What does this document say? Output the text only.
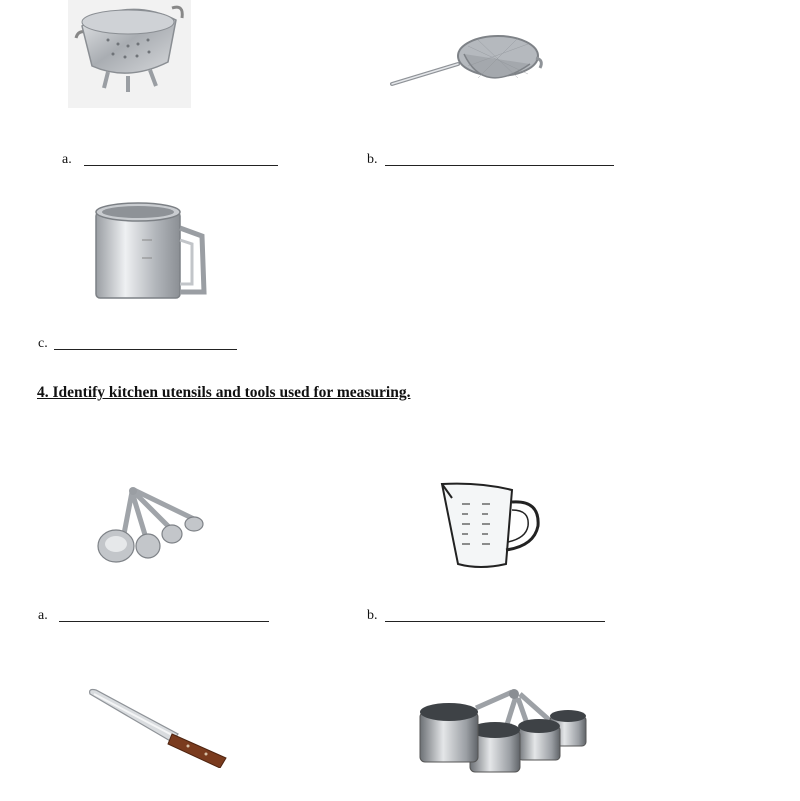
a.	b.
c.
4. Identify kitchen utensils and tools used for measuring.
a.	b.
